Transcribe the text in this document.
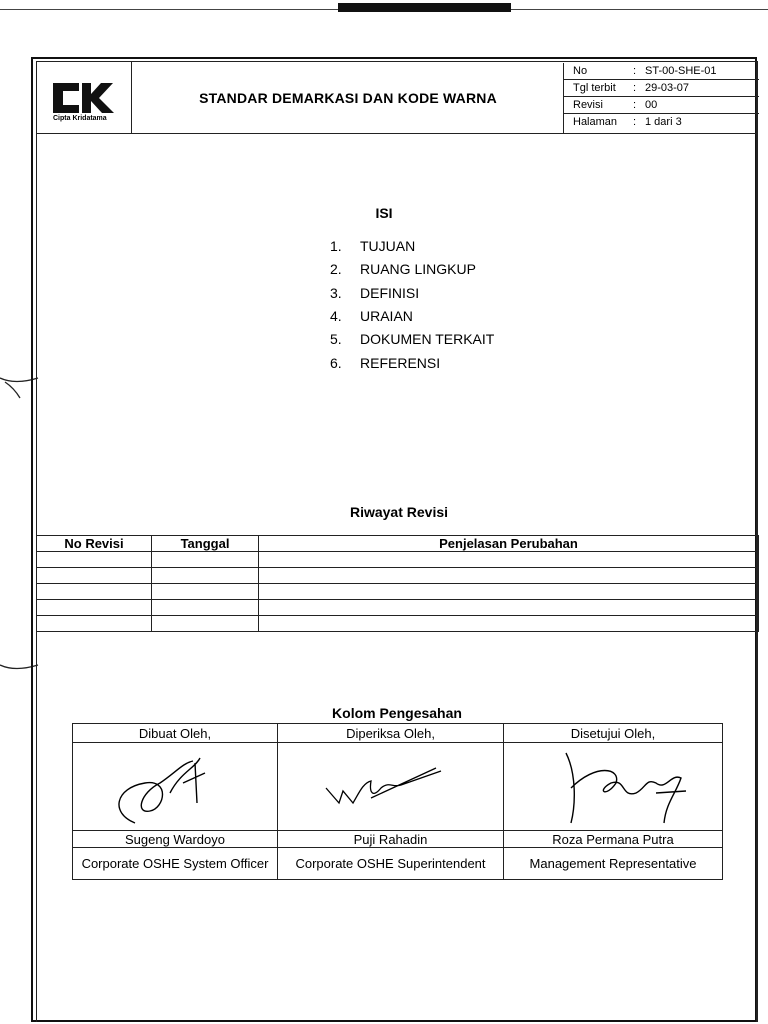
Cipta Kridatama
STANDAR DEMARKASI DAN KODE WARNA
No	: ST-00-SHE-01
Tgl terbit : 29-03-07
Revisi	: 00
Halaman : 1 dari 3
ISI
1. TUJUAN
2. RUANG LINGKUP
3. DEFINISI
4. URAIAN
5. DOKUMEN TERKAIT
6. REFERENSI
Riwayat Revisi
No Revisi	Tanggal	Penjelasan Perubahan

Kolom Pengesahan
Dibuat Oleh,	Diperiksa Oleh,	Disetujui Oleh,

Sugeng Wardoyo	Puji Rahadin	Roza Permana Putra
Corporate OSHE System Officer	Corporate OSHE Superintendent	Management Representative
